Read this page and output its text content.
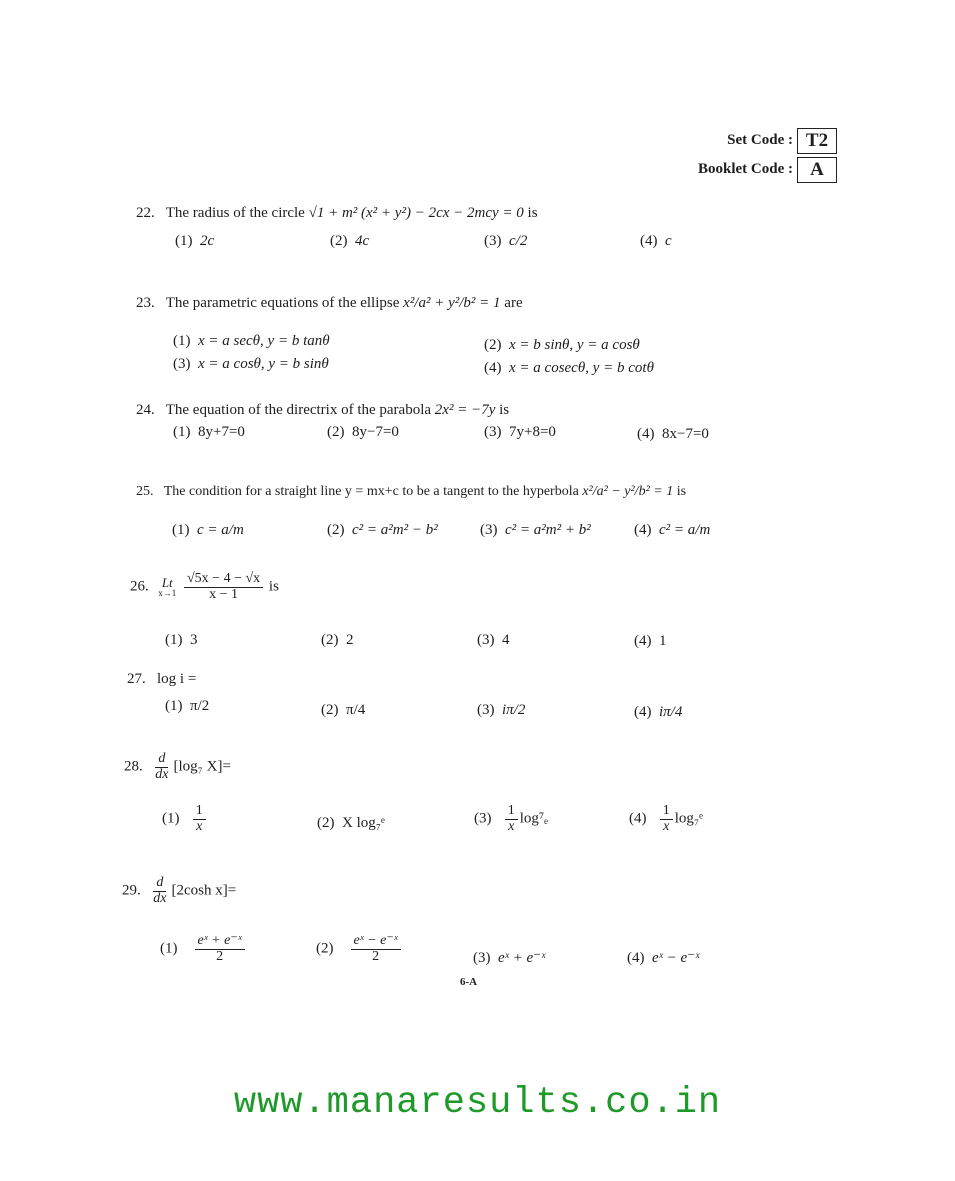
Set Code : T2
Booklet Code : A
22. The radius of the circle √1 + m² (x² + y²) − 2cx − 2mcy = 0 is
(1) 2c	(2) 4c	(3) c/2	(4) c
23. The parametric equations of the ellipse x²/a² + y²/b² = 1 are
(1) x = a secθ, y = b tanθ	(2) x = b sinθ, y = a cosθ
(3) x = a cosθ, y = b sinθ	(4) x = a cosecθ, y = b cotθ
24. The equation of the directrix of the parabola 2x² = −7y is
(1) 8y+7=0	(2) 8y−7=0	(3) 7y+8=0	(4) 8x−7=0
25. The condition for a straight line y = mx+c to be a tangent to the hyperbola x²/a² − y²/b² = 1 is
(1) c = a/m	(2) c² = a²m² − b²	(3) c² = a²m² + b²	(4) c² = a/m
26. Lt
x→1
$\frac{√5x - 4 - √x}{x - 1}$ is
(1) 3	(2) 2	(3) 4	(4) 1
27. log i =
(1) π/2	(2) π/4	(3) iπ/2	(4) iπ/4
28. $\frac{d}{dx} [\log_7$ X]=
$(1) \frac{1}{x}$	(2) X log₇ᵉ	$(3) \frac{1}{x} \log^7_e$	$(4) \frac{1}{x}$ log₇ᵉ
29. $\frac{d}{dx} [2\cosh$ x]=
$(1) \frac{\text{eˣ + e⁻ˣ}}{2}$	$(2) \frac{\text{eˣ − e⁻ˣ}}{2}$	(3) eˣ + e⁻ˣ	(4) eˣ − e⁻ˣ
6-A
www.manaresults.co.in
